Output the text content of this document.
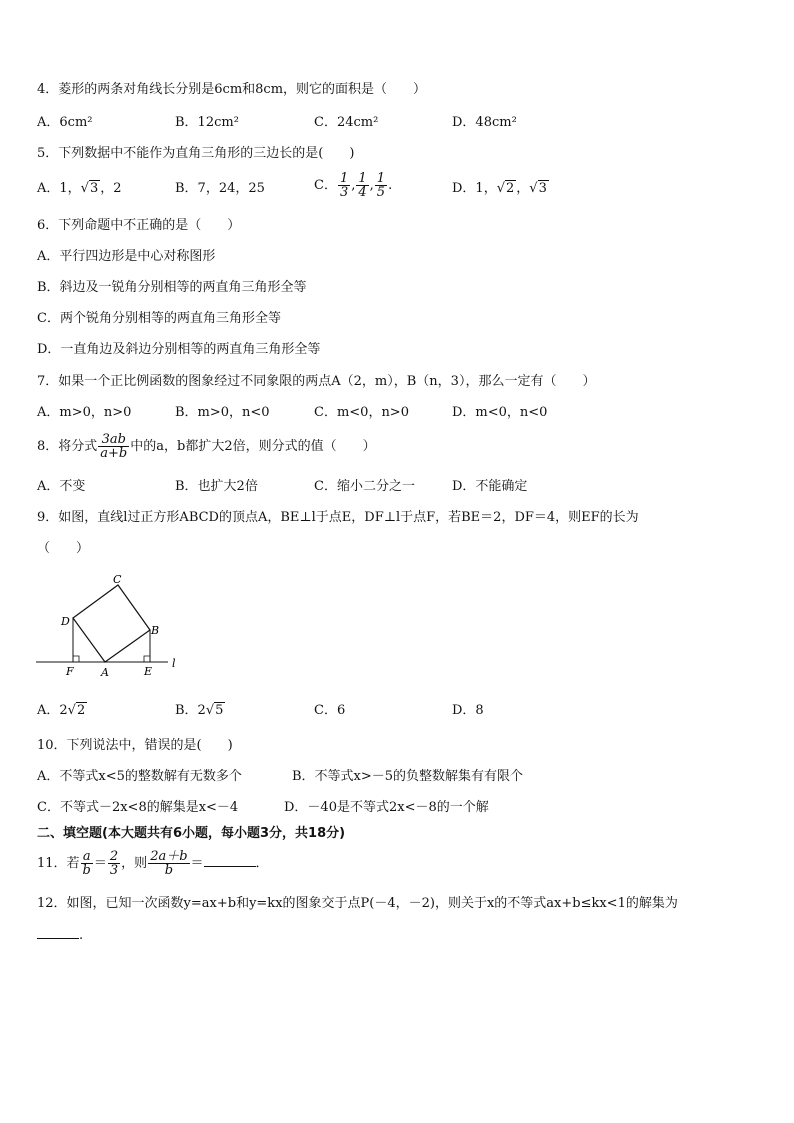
4．菱形的两条对角线长分别是6cm和8cm，则它的面积是（　　）
A．6cm²	B．12cm²	C．24cm²	D．48cm²
5．下列数据中不能作为直角三角形的三边长的是(　　)
A．1，√3 ，2	B．7，24，25	C． $\frac{1}{3}$ , $\frac{1}{4}$ , $\frac{1}{5}$ .	D．1，√2 ，√3
6．下列命题中不正确的是（　　）
A．平行四边形是中心对称图形
B．斜边及一锐角分别相等的两直角三角形全等
C．两个锐角分别相等的两直角三角形全等
D．一直角边及斜边分别相等的两直角三角形全等
7．如果一个正比例函数的图象经过不同象限的两点A（2，m），B（n，3），那么一定有（　　）
A．m>0，n>0	B．m>0，n<0	C．m<0，n>0	D．m<0，n<0
8．将分式 $\frac{3ab}{a+b}$ 中的a，b都扩大2倍，则分式的值（　　）
A．不变	B．也扩大2倍	C．缩小二分之一	D．不能确定
9．如图，直线l过正方形ABCD的顶点A，BE⊥l于点E，DF⊥l于点F，若BE＝2，DF＝4，则EF的长为
（　　）
C
D
B
F A	E
l
A．2√2	B．2√5	C．6	D．8
10．下列说法中，错误的是(　　)
A．不等式x<5的整数解有无数多个	B．不等式x>－5的负整数解集有有限个
C．不等式－2x<8的解集是x<－4	D．－40是不等式2x<－8的一个解
二、填空题(本大题共有6小题，每小题3分，共18分)
11．若 $\frac{a}{b} = \frac{2}{3}$ ，则 $\frac{2a+b}{b}$ ＝	．
12．如图，已知一次函数y=ax+b和y=kx的图象交于点P(－4，－2)，则关于x的不等式ax+b≤kx<1的解集为
.
